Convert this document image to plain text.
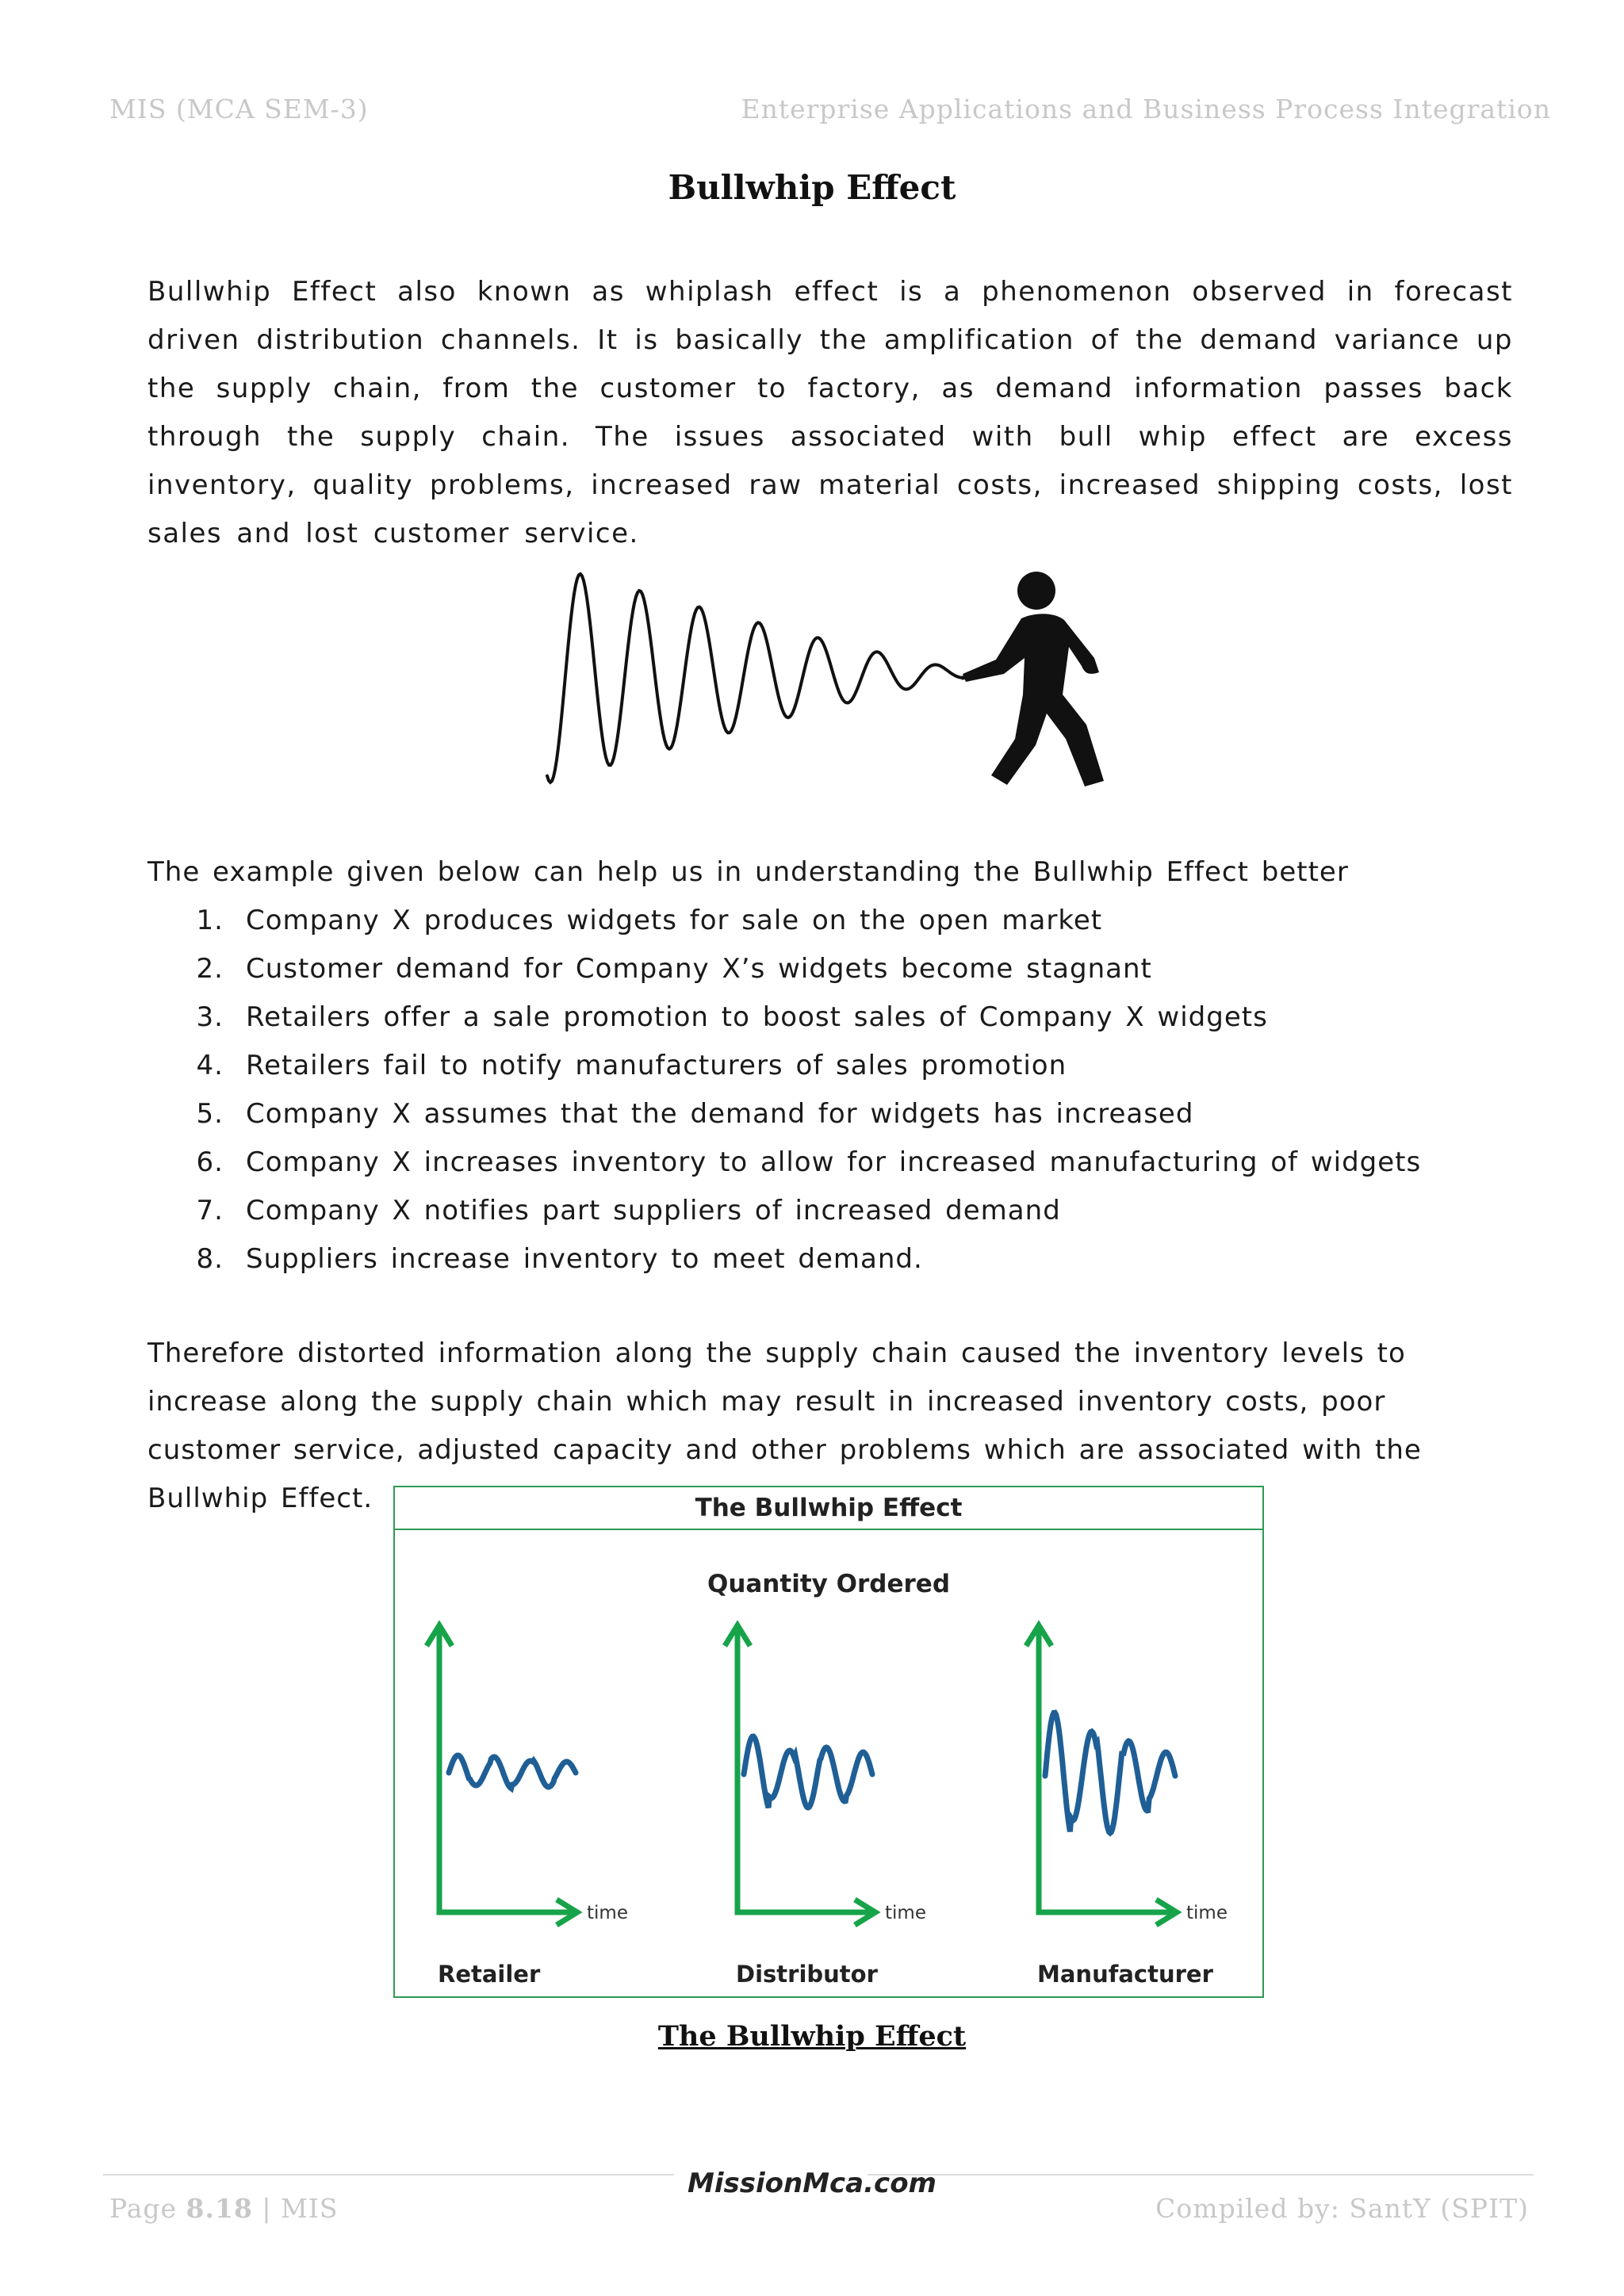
MIS (MCA SEM-3)	Enterprise Applications and Business Process Integration
Bullwhip Effect
Bullwhip Effect also known as whiplash effect is a phenomenon observed in forecast driven distribution channels. It is basically the amplification of the demand variance up the supply chain, from the customer to factory, as demand information passes back through the supply chain. The issues associated with bull whip effect are excess inventory, quality problems, increased raw material costs, increased shipping costs, lost sales and lost customer service.
The example given below can help us in understanding the Bullwhip Effect better
1. Company X produces widgets for sale on the open market
2. Customer demand for Company X’s widgets become stagnant
3. Retailers offer a sale promotion to boost sales of Company X widgets
4. Retailers fail to notify manufacturers of sales promotion
5. Company X assumes that the demand for widgets has increased
6. Company X increases inventory to allow for increased manufacturing of widgets
7. Company X notifies part suppliers of increased demand
8. Suppliers increase inventory to meet demand.
Therefore distorted information along the supply chain caused the inventory levels to increase along the supply chain which may result in increased inventory costs, poor customer service, adjusted capacity and other problems which are associated with the Bullwhip Effect.	The Bullwhip Effect
Quantity Ordered
time
Retailer
time
Distributor
time
Manufacturer
The Bullwhip Effect
MissionMca.com
Page 8.18 | MIS	Compiled by: SantY (SPIT)
